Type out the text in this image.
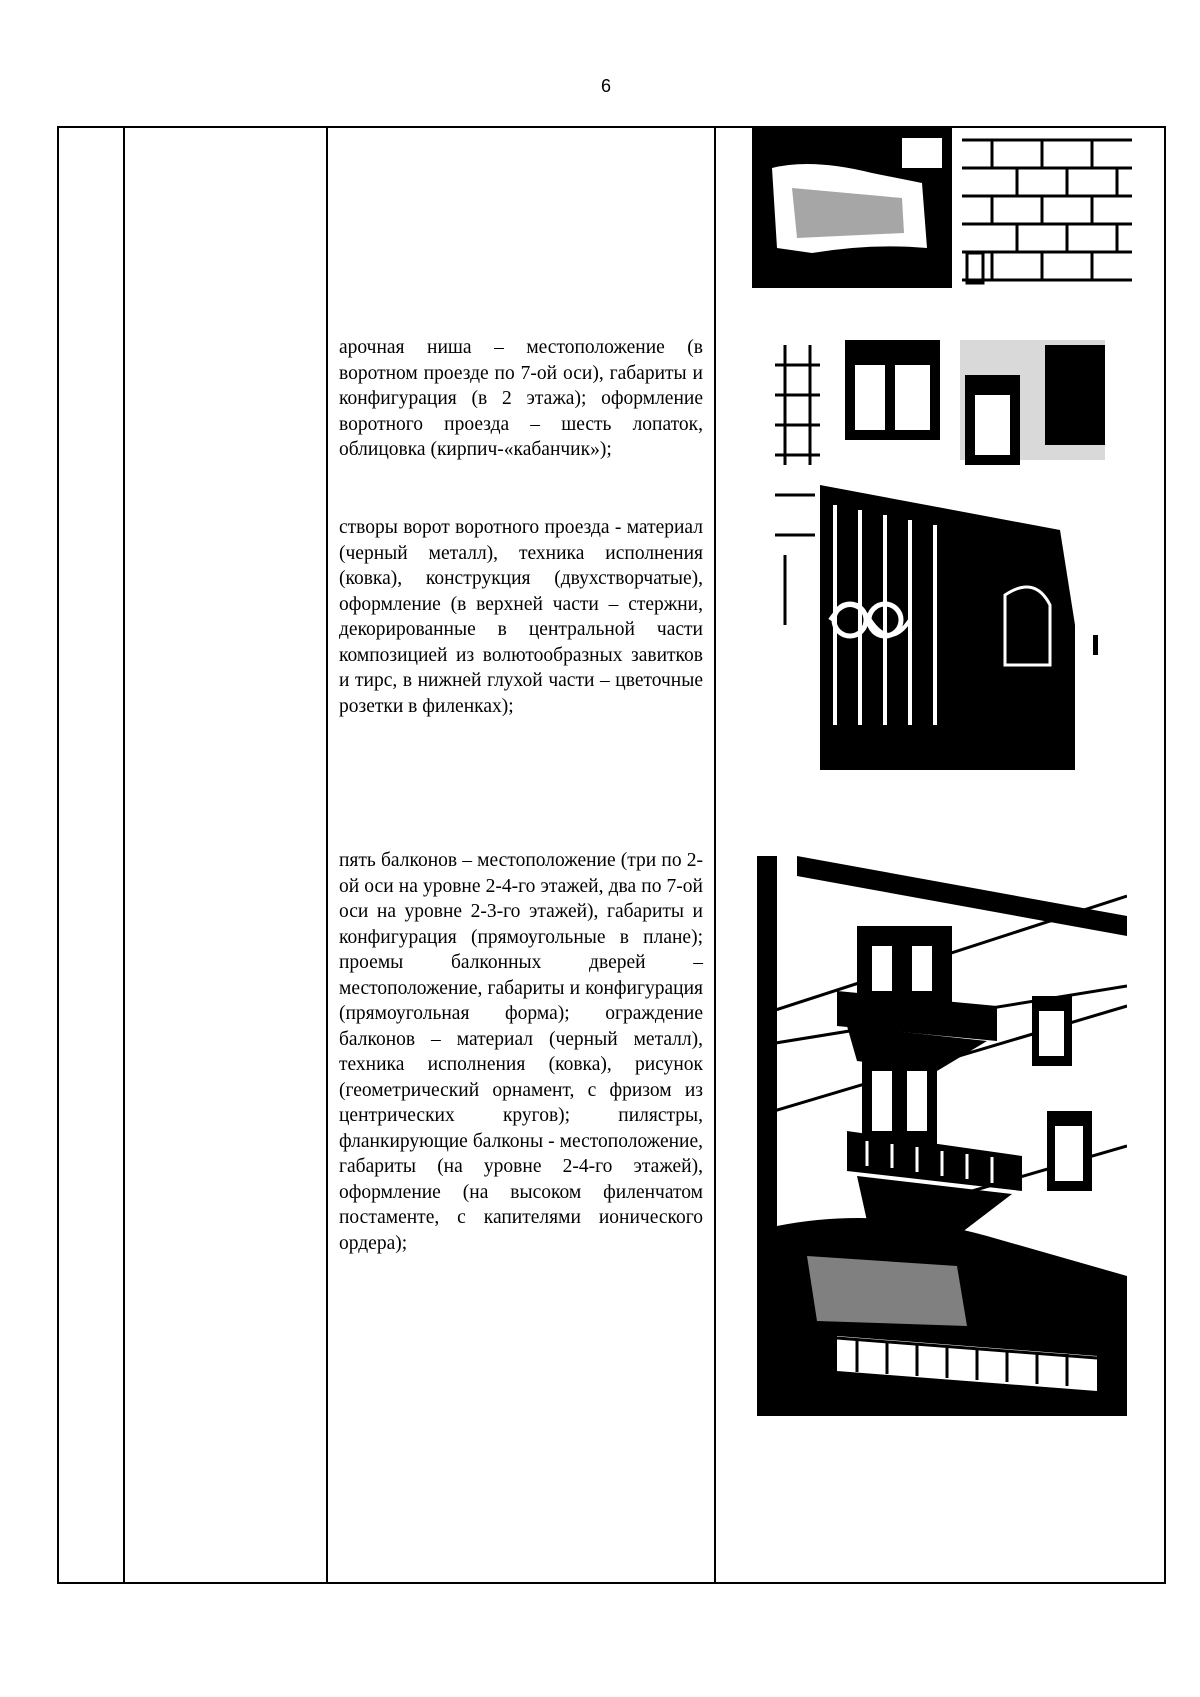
6

арочная ниша – местоположение (в воротном проезде по 7-ой оси), габариты и конфигурация (в 2 этажа); оформление воротного проезда – шесть лопаток, облицовка (кирпич-«кабанчик»);

створы ворот воротного проезда - материал (черный металл), техника исполнения (ковка), конструкция (двухстворчатые), оформление (в верхней части – стержни, декорированные в центральной части композицией из волютообразных завитков и тирс, в нижней глухой части – цветочные розетки в филенках);

пять балконов – местоположение (три по 2-ой оси на уровне 2-4-го этажей, два по 7-ой оси на уровне 2-3-го этажей), габариты и конфигурация (прямоугольные в плане); проемы балконных дверей – местоположение, габариты и конфигурация (прямоугольная форма); ограждение балконов – материал (черный металл), техника исполнения (ковка), рисунок (геометрический орнамент, с фризом из центрических кругов); пилястры, фланкирующие балконы - местоположение, габариты (на уровне 2-4-го этажей), оформление (на высоком филенчатом постаменте, с капителями ионического ордера);
